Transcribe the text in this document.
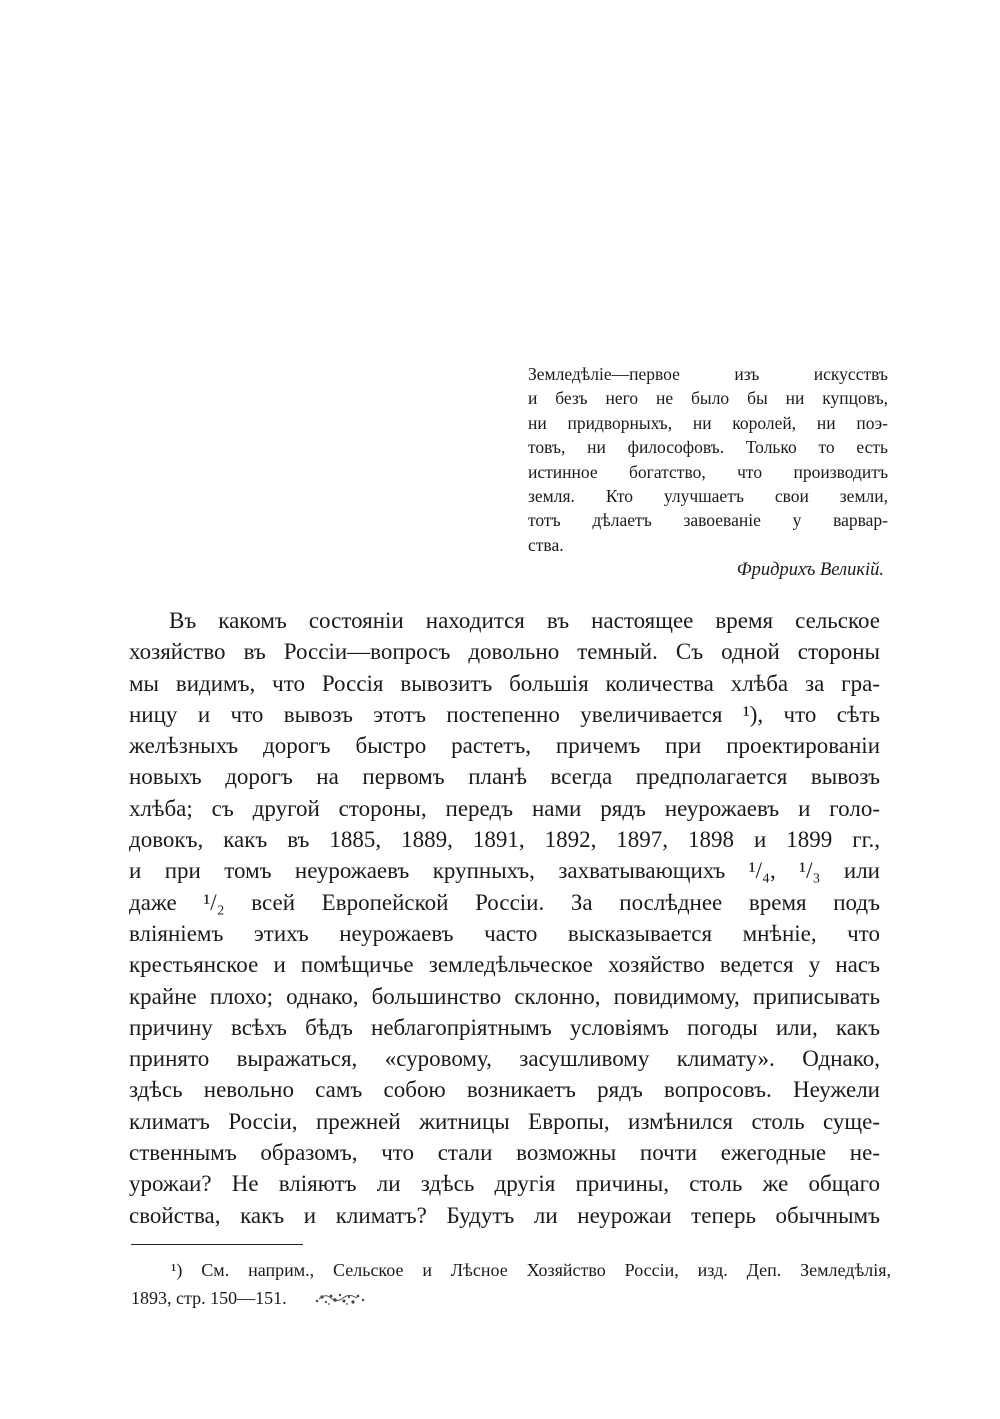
Земледѣліе—первое изъ искусствъ
и безъ него не было бы ни купцовъ,
ни придворныхъ, ни королей, ни поэ-
товъ, ни философовъ. Только то есть
истинное богатство, что производитъ
земля. Кто улучшаетъ свои земли,
тотъ дѣлаетъ завоеваніе у варвар-
ства.
Фридрихъ Великій.
Въ какомъ состояніи находится въ настоящее время сельское
хозяйство въ Россіи—вопросъ довольно темный. Съ одной стороны
мы видимъ, что Россія вывозитъ большія количества хлѣба за гра-
ницу и что вывозъ этотъ постепенно увеличивается ¹), что сѣть
желѣзныхъ дорогъ быстро растетъ, причемъ при проектированіи
новыхъ дорогъ на первомъ планѣ всегда предполагается вывозъ
хлѣба; съ другой стороны, передъ нами рядъ неурожаевъ и голо-
довокъ, какъ въ 1885, 1889, 1891, 1892, 1897, 1898 и 1899 гг.,
и при томъ неурожаевъ крупныхъ, захватывающихъ ¹/₄, ¹/₃ или
даже ¹/₂ всей Европейской Россіи. За послѣднее время подъ
вліяніемъ этихъ неурожаевъ часто высказывается мнѣніе, что
крестьянское и помѣщичье земледѣльческое хозяйство ведется у насъ
крайне плохо; однако, большинство склонно, повидимому, приписывать
причину всѣхъ бѣдъ неблагопріятнымъ условіямъ погоды или, какъ
принято выражаться, «суровому, засушливому климату». Однако,
здѣсь невольно самъ собою возникаетъ рядъ вопросовъ. Неужели
климатъ Россіи, прежней житницы Европы, измѣнился столь суще-
ственнымъ образомъ, что стали возможны почти ежегодные не-
урожаи? Не вліяютъ ли здѣсь другія причины, столь же общаго
свойства, какъ и климатъ? Будутъ ли неурожаи теперь обычнымъ
¹) См. наприм., Сельское и Лѣсное Хозяйство Россіи, изд. Деп. Земледѣлія,
1893, стр. 150—151.
